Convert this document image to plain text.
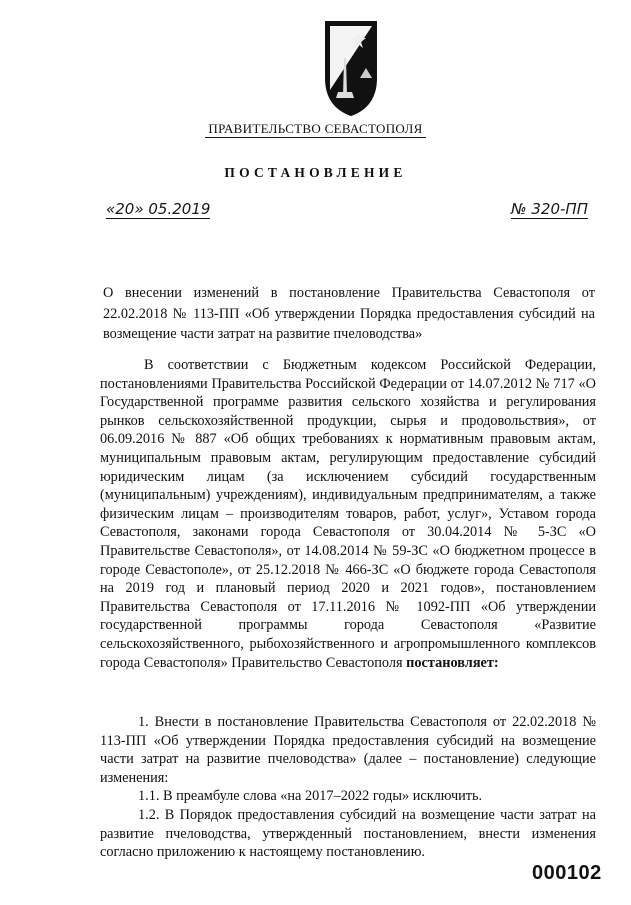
ПРАВИТЕЛЬСТВО СЕВАСТОПОЛЯ
ПОСТАНОВЛЕНИЕ
«20» 05.2019	№ 320-ПП

О внесении изменений в постановление Правительства Севастополя от 22.02.2018 № 113-ПП «Об утверждении Порядка предоставления субсидий на возмещение части затрат на развитие пчеловодства»

В соответствии с Бюджетным кодексом Российской Федерации, постановлениями Правительства Российской Федерации от 14.07.2012 № 717 «О Государственной программе развития сельского хозяйства и регулирования рынков сельскохозяйственной продукции, сырья и продовольствия», от 06.09.2016 № 887 «Об общих требованиях к нормативным правовым актам, муниципальным правовым актам, регулирующим предоставление субсидий юридическим лицам (за исключением субсидий государственным (муниципальным) учреждениям), индивидуальным предпринимателям, а также физическим лицам – производителям товаров, работ, услуг», Уставом города Севастополя, законами города Севастополя от 30.04.2014 № 5-ЗС «О Правительстве Севастополя», от 14.08.2014 № 59-ЗС «О бюджетном процессе в городе Севастополе», от 25.12.2018 № 466-ЗС «О бюджете города Севастополя на 2019 год и плановый период 2020 и 2021 годов», постановлением Правительства Севастополя от 17.11.2016 № 1092-ПП «Об утверждении государственной программы города Севастополя «Развитие сельскохозяйственного, рыбохозяйственного и агропромышленного комплексов города Севастополя» Правительство Севастополя постановляет:

1. Внести в постановление Правительства Севастополя от 22.02.2018 № 113-ПП «Об утверждении Порядка предоставления субсидий на возмещение части затрат на развитие пчеловодства» (далее – постановление) следующие изменения:

1.1. В преамбуле слова «на 2017–2022 годы» исключить.

1.2. В Порядок предоставления субсидий на возмещение части затрат на развитие пчеловодства, утвержденный постановлением, внести изменения согласно приложению к настоящему постановлению.

000102
